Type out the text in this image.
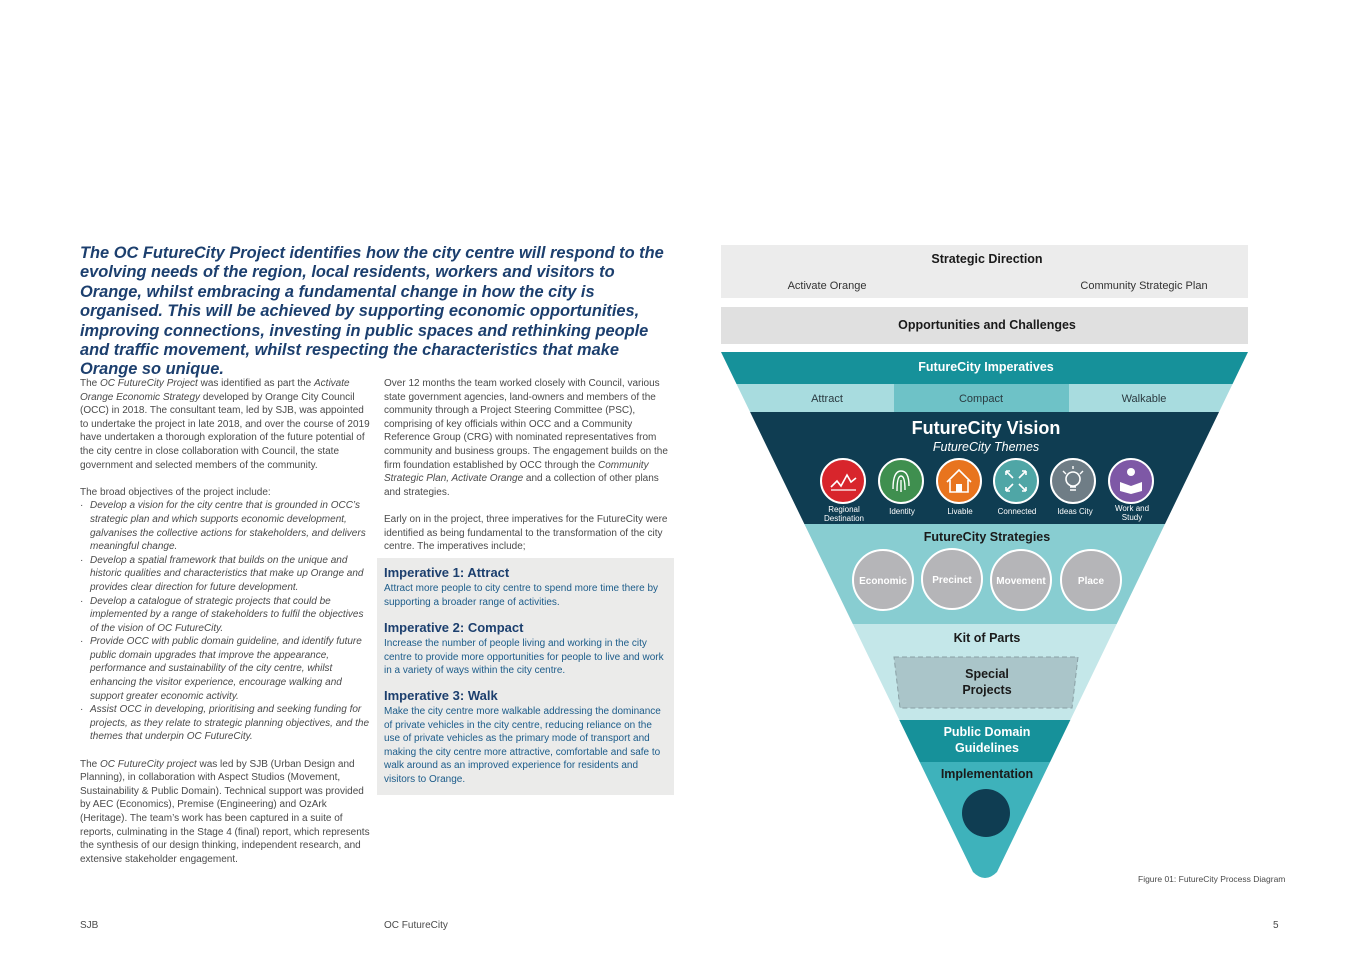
The OC FutureCity Project identifies how the city centre will respond to the evolving needs of the region, local residents, workers and visitors to Orange, whilst embracing a fundamental change in how the city is organised. This will be achieved by supporting economic opportunities, improving connections, investing in public spaces and rethinking people and traffic movement, whilst respecting the characteristics that make Orange so unique.

The OC FutureCity Project was identified as part the Activate Orange Economic Strategy developed by Orange City Council (OCC) in 2018. The consultant team, led by SJB, was appointed to undertake the project in late 2018, and over the course of 2019 have undertaken a thorough exploration of the future potential of the city centre in close collaboration with Council, the state government and selected members of the community.

The broad objectives of the project include:

· Develop a vision for the city centre that is grounded in OCC’s strategic plan and which supports economic development, galvanises the collective actions for stakeholders, and delivers meaningful change.
· Develop a spatial framework that builds on the unique and historic qualities and characteristics that make up Orange and provides clear direction for future development.
· Develop a catalogue of strategic projects that could be implemented by a range of stakeholders to fulfil the objectives of the vision of OC FutureCity.
· Provide OCC with public domain guideline, and identify future public domain upgrades that improve the appearance, performance and sustainability of the city centre, whilst enhancing the visitor experience, encourage walking and support greater economic activity.
· Assist OCC in developing, prioritising and seeking funding for projects, as they relate to strategic planning objectives, and the themes that underpin OC FutureCity.

The OC FutureCity project was led by SJB (Urban Design and Planning), in collaboration with Aspect Studios (Movement, Sustainability & Public Domain). Technical support was provided by AEC (Economics), Premise (Engineering) and OzArk (Heritage). The team’s work has been captured in a suite of reports, culminating in the Stage 4 (final) report, which represents the synthesis of our design thinking, independent research, and extensive stakeholder engagement.

Over 12 months the team worked closely with Council, various state government agencies, land-owners and members of the community through a Project Steering Committee (PSC), comprising of key officials within OCC and a Community Reference Group (CRG) with nominated representatives from community and business groups. The engagement builds on the firm foundation established by OCC through the Community Strategic Plan, Activate Orange and a collection of other plans and strategies.

Early on in the project, three imperatives for the FutureCity were identified as being fundamental to the transformation of the city centre. The imperatives include;

Imperative 1: Attract

Attract more people to city centre to spend more time there by supporting a broader range of activities.

Imperative 2: Compact

Increase the number of people living and working in the city centre to provide more opportunities for people to live and work in a variety of ways within the city centre.

Imperative 3: Walk

Make the city centre more walkable addressing the dominance of private vehicles in the city centre, reducing reliance on the use of private vehicles as the primary mode of transport and making the city centre more attractive, comfortable and safe to walk around as an improved experience for residents and visitors to Orange.

Strategic Direction
Activate Orange	Community Strategic Plan
Opportunities and Challenges
FutureCity Imperatives
Attract	Compact	Walkable
FutureCity Vision
FutureCity Themes
Regional
Destination
Identity	Livable	Connected	Ideas City	Work and
Study
FutureCity Strategies
Economic	Precinct Movement	Place
Kit of Parts
Special
Projects
Public Domain
Guidelines
Implementation
Figure 01: FutureCity Process Diagram
SJB	OC FutureCity	5
